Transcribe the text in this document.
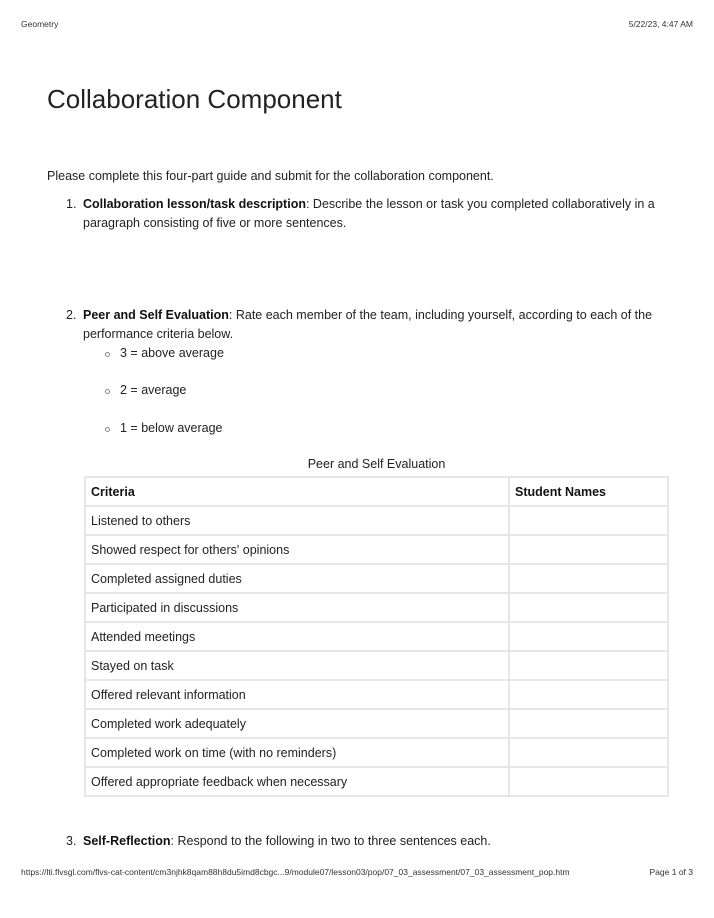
Geometry	5/22/23, 4:47 AM
Collaboration Component

Please complete this four-part guide and submit for the collaboration component.

1. Collaboration lesson/task description: Describe the lesson or task you completed collaboratively in a paragraph consisting of five or more sentences.
2. Peer and Self Evaluation: Rate each member of the team, including yourself, according to each of the performance criteria below.
3 = above average
2 = average
1 = below average
Peer and Self Evaluation
Criteria	Student Names
Listened to others	
Showed respect for others' opinions	
Completed assigned duties	
Participated in discussions	
Attended meetings	
Stayed on task	
Offered relevant information	
Completed work adequately	
Completed work on time (with no reminders)	
Offered appropriate feedback when necessary	
3. Self-Reflection: Respond to the following in two to three sentences each.
https://lti.flvsgl.com/flvs-cat-content/cm3njhk8qam88h8du5imd8cbgc...9/module07/lesson03/pop/07_03_assessment/07_03_assessment_pop.htm	Page 1 of 3
